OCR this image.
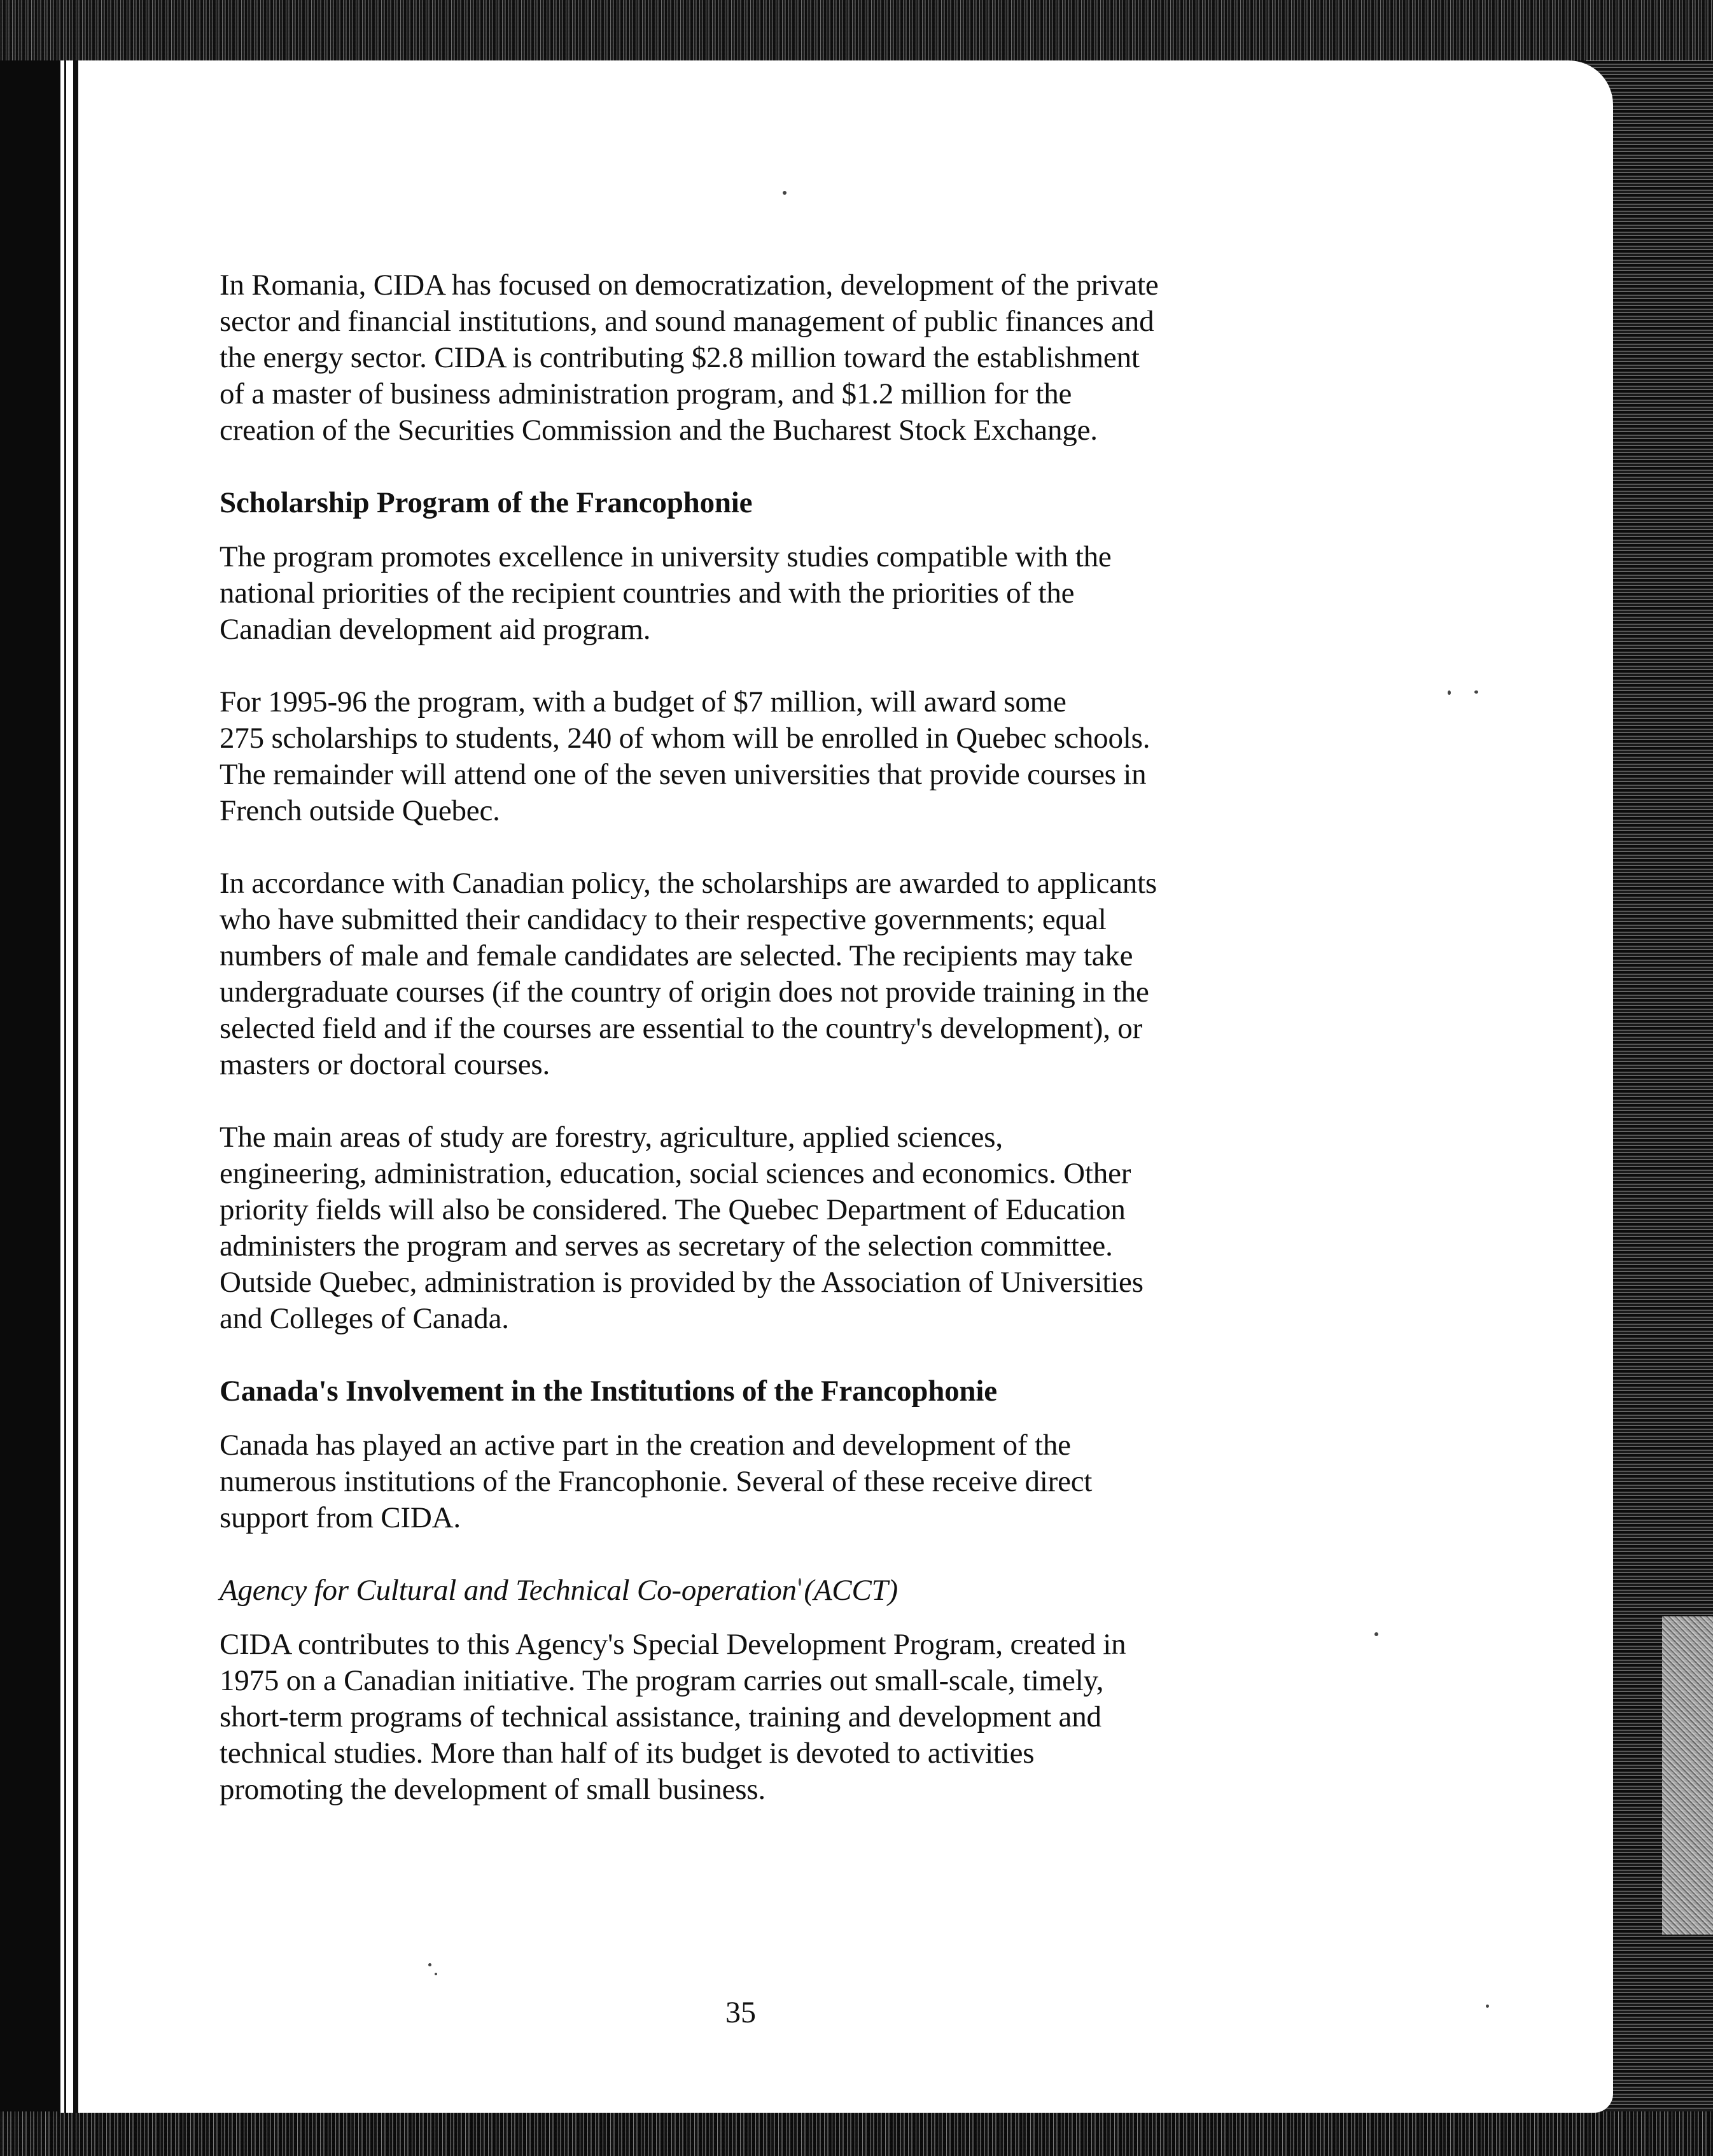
In Romania, CIDA has focused on democratization, development of the private
sector and financial institutions, and sound management of public finances and
the energy sector. CIDA is contributing $2.8 million toward the establishment
of a master of business administration program, and $1.2 million for the
creation of the Securities Commission and the Bucharest Stock Exchange.

Scholarship Program of the Francophonie

The program promotes excellence in university studies compatible with the
national priorities of the recipient countries and with the priorities of the
Canadian development aid program.

For 1995-96 the program, with a budget of $7 million, will award some
275 scholarships to students, 240 of whom will be enrolled in Quebec schools.
The remainder will attend one of the seven universities that provide courses in
French outside Quebec.

In accordance with Canadian policy, the scholarships are awarded to applicants
who have submitted their candidacy to their respective governments; equal
numbers of male and female candidates are selected. The recipients may take
undergraduate courses (if the country of origin does not provide training in the
selected field and if the courses are essential to the country's development), or
masters or doctoral courses.

The main areas of study are forestry, agriculture, applied sciences,
engineering, administration, education, social sciences and economics. Other
priority fields will also be considered. The Quebec Department of Education
administers the program and serves as secretary of the selection committee.
Outside Quebec, administration is provided by the Association of Universities
and Colleges of Canada.

Canada's Involvement in the Institutions of the Francophonie

Canada has played an active part in the creation and development of the
numerous institutions of the Francophonie. Several of these receive direct
support from CIDA.

Agency for Cultural and Technical Co-operation (ACCT)

CIDA contributes to this Agency's Special Development Program, created in
1975 on a Canadian initiative. The program carries out small-scale, timely,
short-term programs of technical assistance, training and development and
technical studies. More than half of its budget is devoted to activities
promoting the development of small business.

35
